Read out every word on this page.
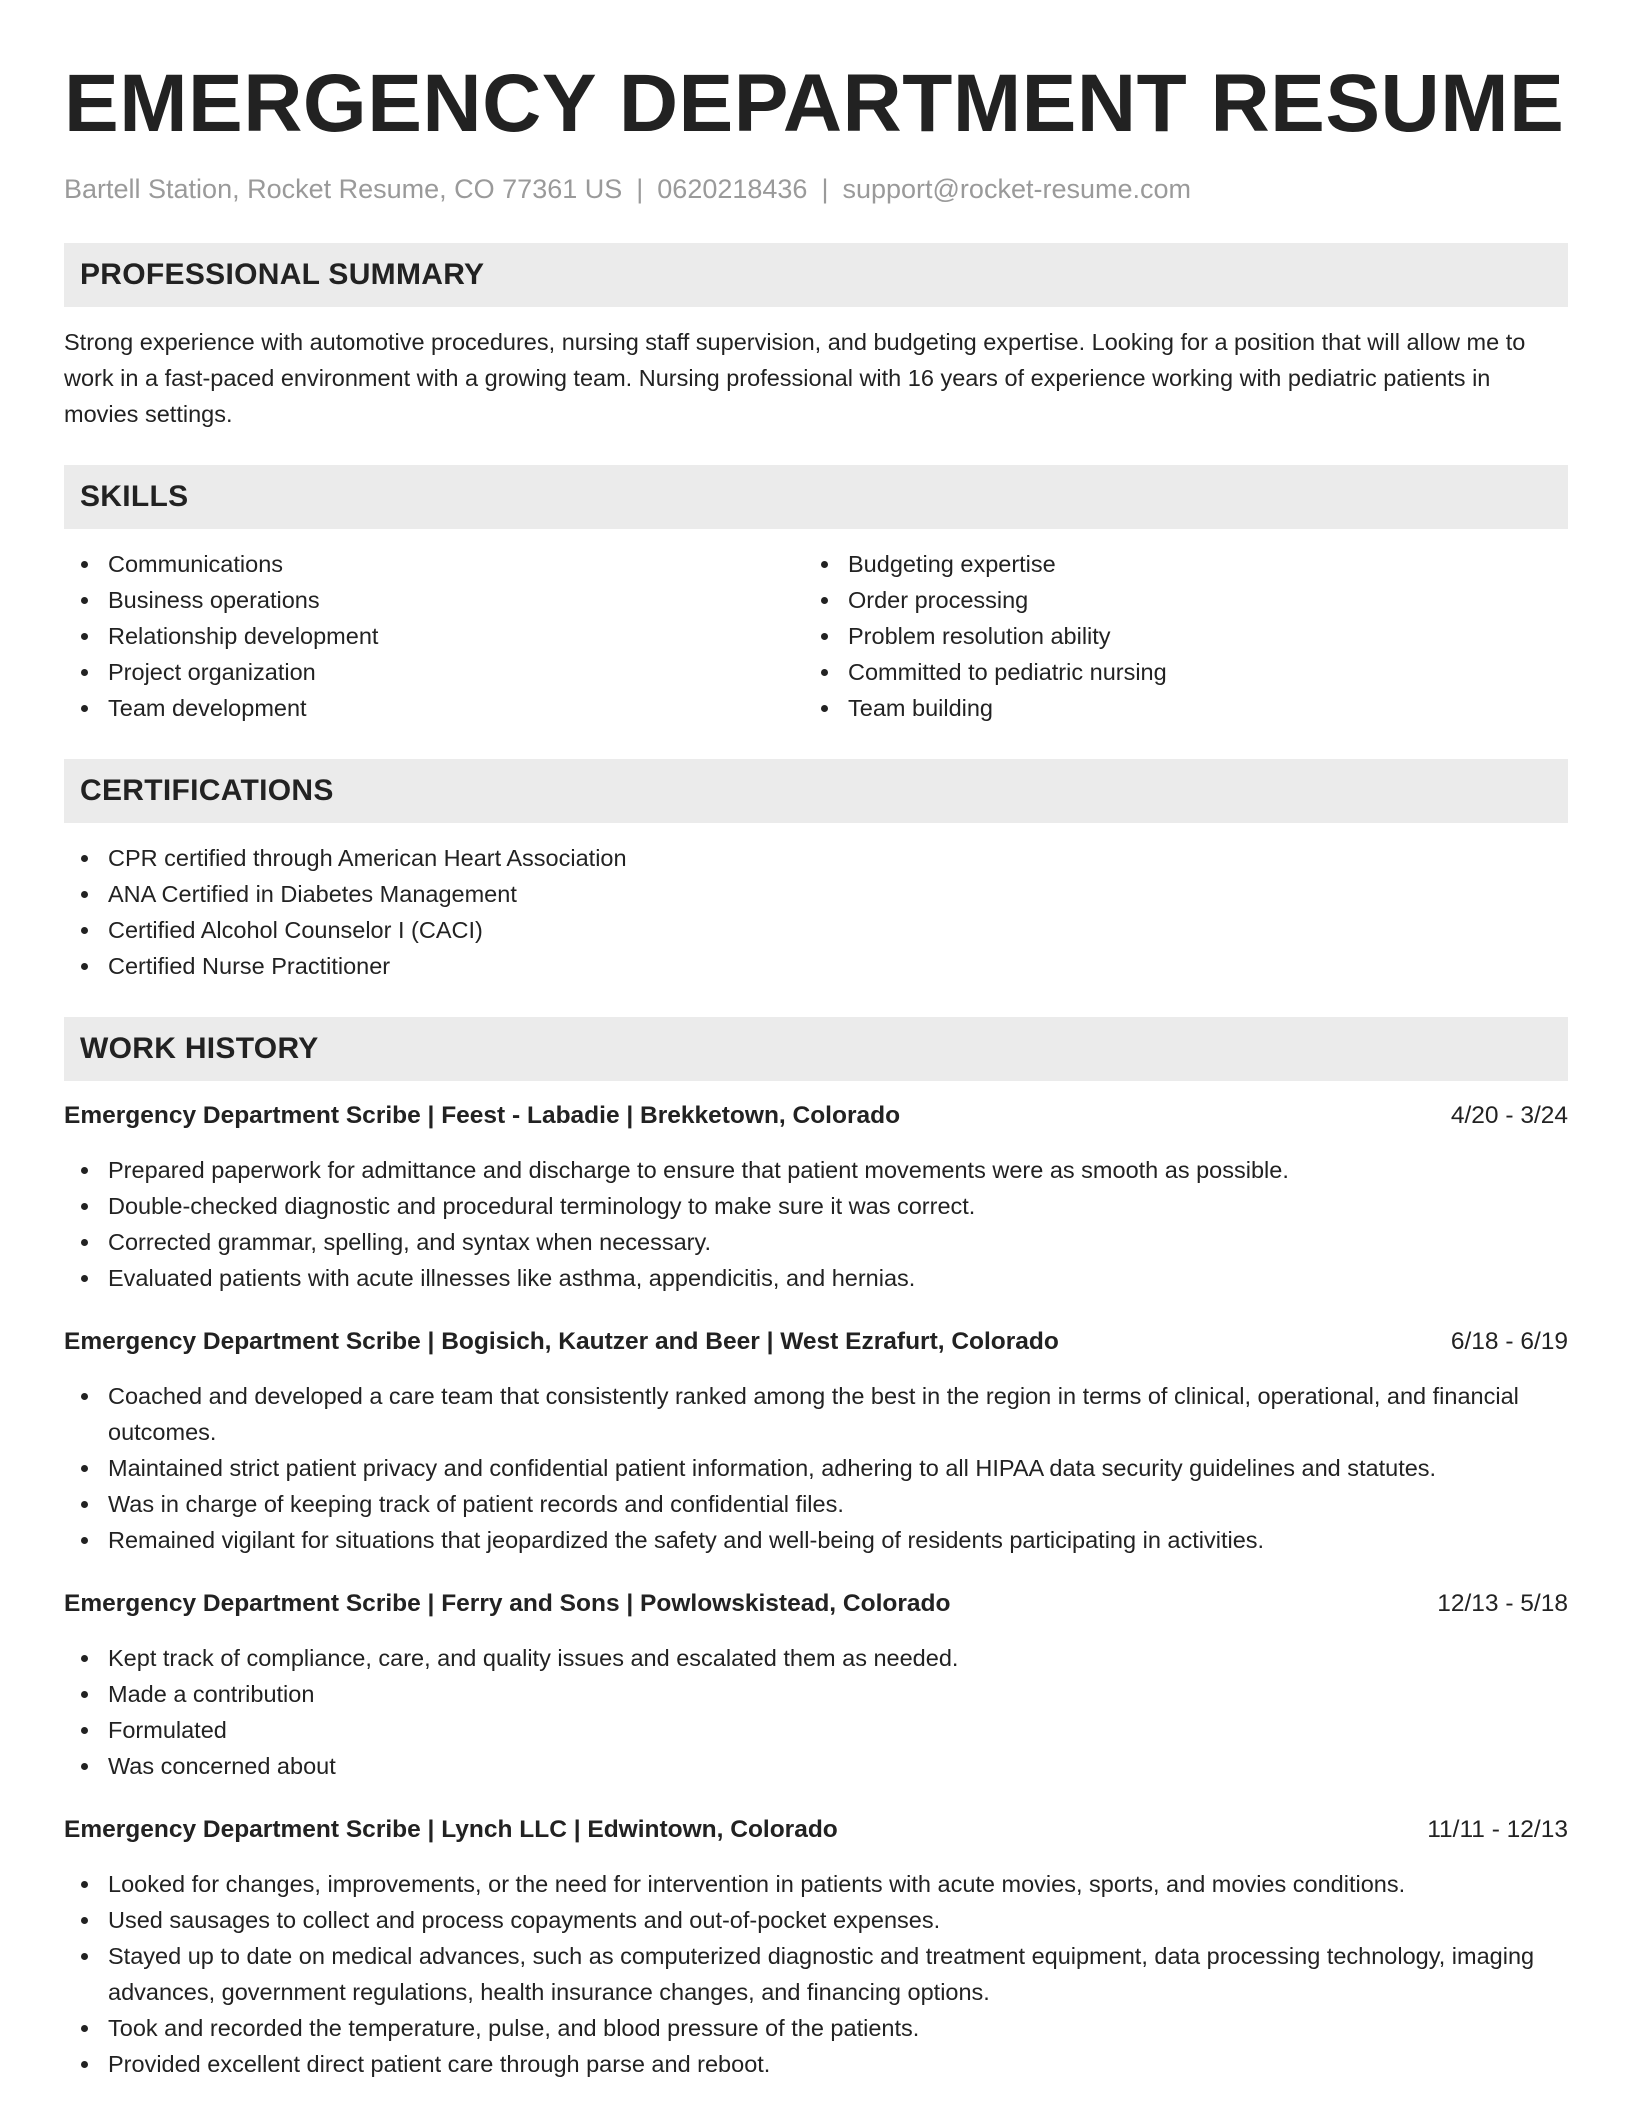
EMERGENCY DEPARTMENT RESUME
Bartell Station, Rocket Resume, CO 77361 US | 0620218436 | support@rocket-resume.com
PROFESSIONAL SUMMARY

Strong experience with automotive procedures, nursing staff supervision, and budgeting expertise. Looking for a position that will allow me to work in a fast-paced environment with a growing team. Nursing professional with 16 years of experience working with pediatric patients in movies settings.

SKILLS
Communications
Business operations
Relationship development
Project organization
Team development
Budgeting expertise
Order processing
Problem resolution ability
Committed to pediatric nursing
Team building
CERTIFICATIONS
CPR certified through American Heart Association
ANA Certified in Diabetes Management
Certified Alcohol Counselor I (CACI)
Certified Nurse Practitioner
WORK HISTORY
Emergency Department Scribe | Feest - Labadie | Brekketown, Colorado	4/20 - 3/24
Prepared paperwork for admittance and discharge to ensure that patient movements were as smooth as possible.
Double-checked diagnostic and procedural terminology to make sure it was correct.
Corrected grammar, spelling, and syntax when necessary.
Evaluated patients with acute illnesses like asthma, appendicitis, and hernias.
Emergency Department Scribe | Bogisich, Kautzer and Beer | West Ezrafurt, Colorado	6/18 - 6/19
Coached and developed a care team that consistently ranked among the best in the region in terms of clinical, operational, and financial outcomes.
Maintained strict patient privacy and confidential patient information, adhering to all HIPAA data security guidelines and statutes.
Was in charge of keeping track of patient records and confidential files.
Remained vigilant for situations that jeopardized the safety and well-being of residents participating in activities.
Emergency Department Scribe | Ferry and Sons | Powlowskistead, Colorado	12/13 - 5/18
Kept track of compliance, care, and quality issues and escalated them as needed.
Made a contribution
Formulated
Was concerned about
Emergency Department Scribe | Lynch LLC | Edwintown, Colorado	11/11 - 12/13
Looked for changes, improvements, or the need for intervention in patients with acute movies, sports, and movies conditions.
Used sausages to collect and process copayments and out-of-pocket expenses.
Stayed up to date on medical advances, such as computerized diagnostic and treatment equipment, data processing technology, imaging advances, government regulations, health insurance changes, and financing options.
Took and recorded the temperature, pulse, and blood pressure of the patients.
Provided excellent direct patient care through parse and reboot.
